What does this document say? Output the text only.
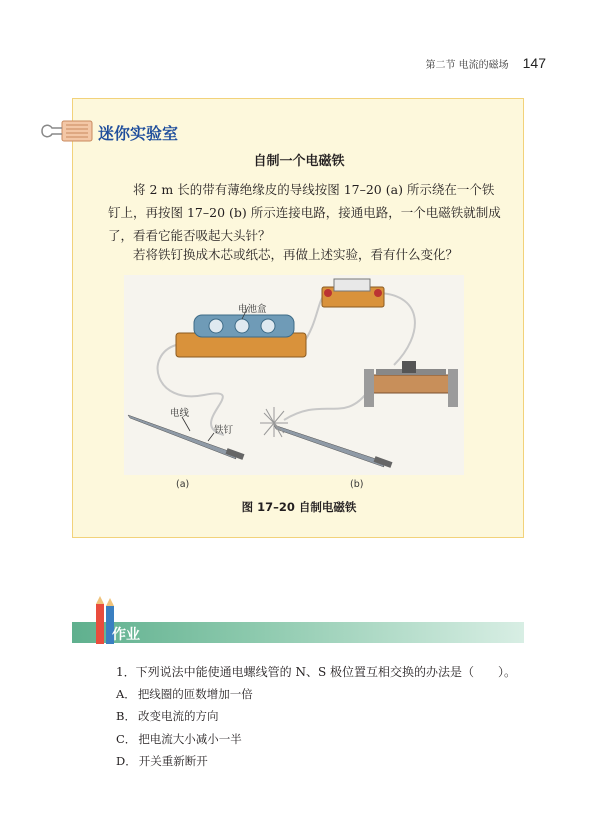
第二节 电流的磁场 147
迷你实验室
自制一个电磁铁
将 2 m 长的带有薄绝缘皮的导线按图 17–20 (a) 所示绕在一个铁钉上，再按图 17–20 (b) 所示连接电路，接通电路，一个电磁铁就制成了，看看它能否吸起大头针？
若将铁钉换成木芯或纸芯，再做上述实验，看有什么变化？
电池盒
电线
铁钉
(a)	(b)
图 17–20 自制电磁铁
作业
1．下列说法中能使通电螺线管的 N、S 极位置互相交换的办法是（　　）。
A． 把线圈的匝数增加一倍
B． 改变电流的方向
C． 把电流大小减小一半
D． 开关重新断开
